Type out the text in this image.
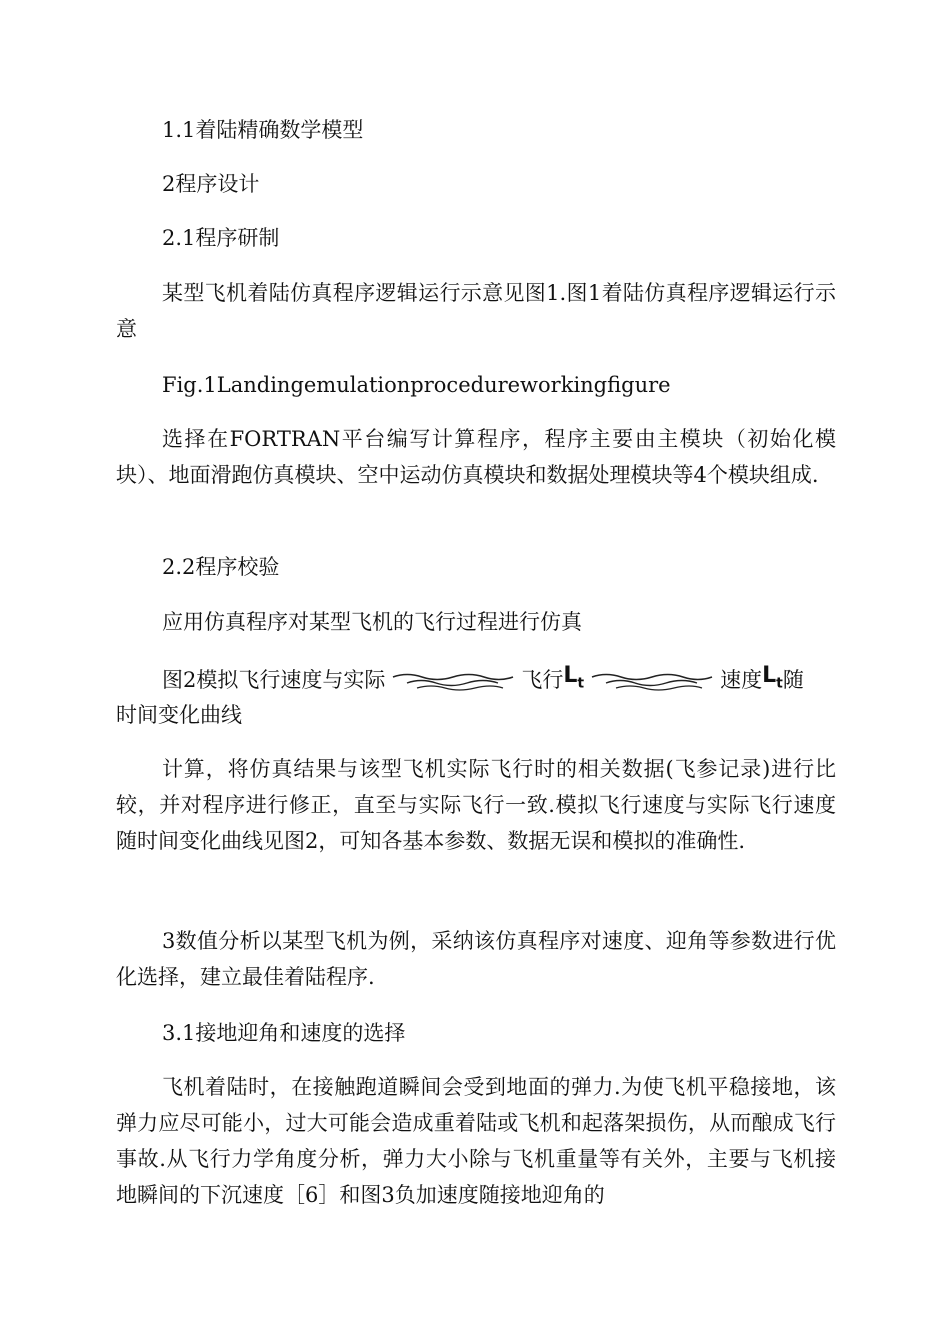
1.1着陆精确数学模型

2程序设计

2.1程序研制

某型飞机着陆仿真程序逻辑运行示意见图1.图1着陆仿真程序逻辑运行示意

Fig.1Landingemulationprocedureworkingfigure

选择在FORTRAN平台编写计算程序，程序主要由主模块（初始化模块）、地面滑跑仿真模块、空中运动仿真模块和数据处理模块等4个模块组成.

2.2程序校验

应用仿真程序对某型飞机的飞行过程进行仿真

图2模拟飞行速度与实际	飞行 $L_t$	速度 $L_t$ 随
时间变化曲线

计算，将仿真结果与该型飞机实际飞行时的相关数据(飞参记录)进行比较，并对程序进行修正，直至与实际飞行一致.模拟飞行速度与实际飞行速度随时间变化曲线见图2，可知各基本参数、数据无误和模拟的准确性.

3数值分析以某型飞机为例，采纳该仿真程序对速度、迎角等参数进行优化选择，建立最佳着陆程序.

3.1接地迎角和速度的选择

飞机着陆时，在接触跑道瞬间会受到地面的弹力.为使飞机平稳接地，该弹力应尽可能小，过大可能会造成重着陆或飞机和起落架损伤，从而酿成飞行事故.从飞行力学角度分析，弹力大小除与飞机重量等有关外，主要与飞机接地瞬间的下沉速度［6］和图3负加速度随接地迎角的
